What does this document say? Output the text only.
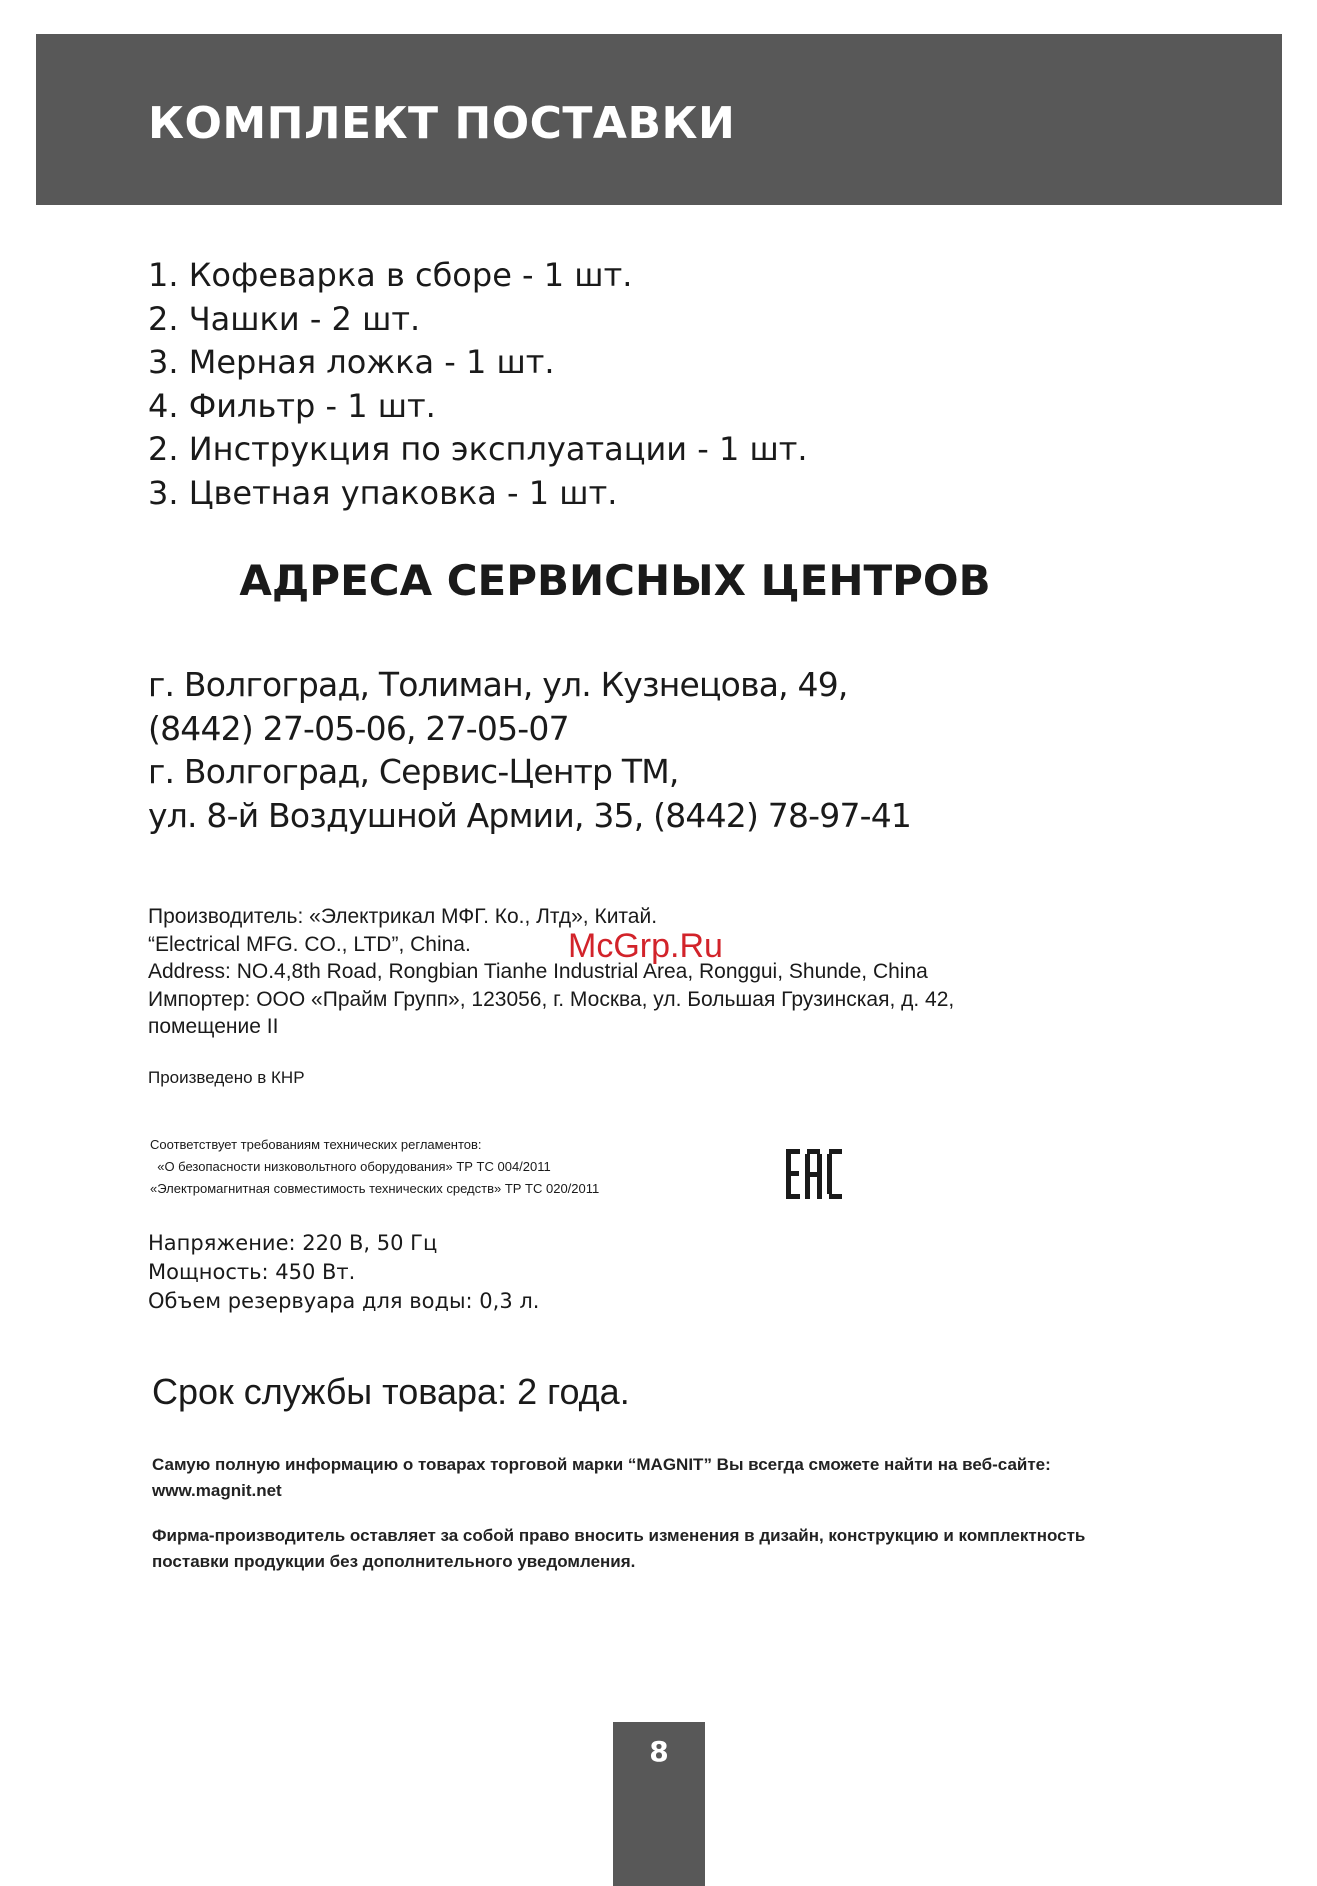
КОМПЛЕКТ ПОСТАВКИ
1. Кофеварка в сборе - 1 шт.
2. Чашки - 2 шт.
3. Мерная ложка - 1 шт.
4. Фильтр - 1 шт.
2. Инструкция по эксплуатации - 1 шт.
3. Цветная упаковка - 1 шт.
АДРЕСА СЕРВИСНЫХ ЦЕНТРОВ
г. Волгоград, Толиман, ул. Кузнецова, 49,
(8442) 27-05-06, 27-05-07
г. Волгоград, Сервис-Центр ТМ,
ул. 8-й Воздушной Армии, 35, (8442) 78-97-41
Производитель: «Электрикал МФГ. Ко., Лтд», Китай.
“Electrical MFG. CO., LTD”, China.
Address: NO.4,8th Road, Rongbian Tianhe Industrial Area, Ronggui, Shunde, China
Импортер: ООО «Прайм Групп», 123056, г. Москва, ул. Большая Грузинская, д. 42,
помещение II
McGrp.Ru
Произведено в КНР
Соответствует требованиям технических регламентов:
«О безопасности низковольтного оборудования» ТР ТС 004/2011
«Электромагнитная совместимость технических средств» ТР ТС 020/2011
Напряжение: 220 В, 50 Гц
Мощность: 450 Вт.
Объем резервуара для воды: 0,3 л.
Срок службы товара: 2 года.
Самую полную информацию о товарах торговой марки “MAGNIT” Вы всегда сможете найти на веб-сайте:
www.magnit.net
Фирма-производитель оставляет за собой право вносить изменения в дизайн, конструкцию и комплектность
поставки продукции без дополнительного уведомления.
8
